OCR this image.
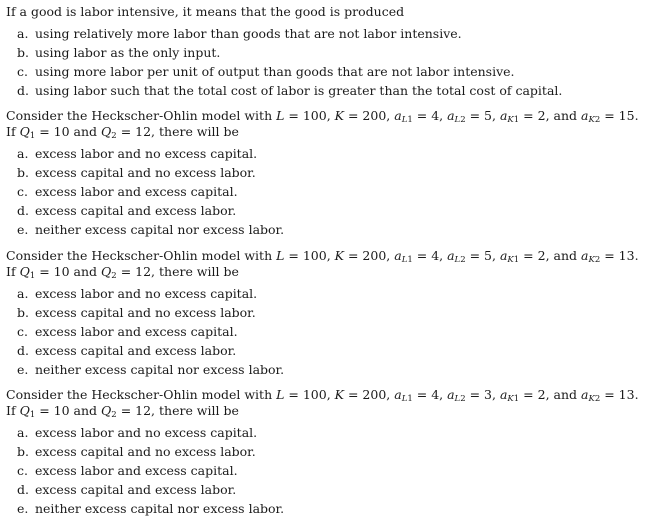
If a good is labor intensive, it means that the good is produced

a. using relatively more labor than goods that are not labor intensive.
b. using labor as the only input.
c. using more labor per unit of output than goods that are not labor intensive.
d. using labor such that the total cost of labor is greater than the total cost of capital.

Consider the Heckscher-Ohlin model with L = 100, K = 200, $a_{L1} = 4$, $a_{L2} = 5$, $a_{K1} = 2$, and $a_{K2} = 15$.

If $Q_1 = 10$ and $Q_2 = 12$, there will be

a. excess labor and no excess capital.
b. excess capital and no excess labor.
c. excess labor and excess capital.
d. excess capital and excess labor.
e. neither excess capital nor excess labor.

Consider the Heckscher-Ohlin model with L = 100, K = 200, $a_{L1} = 4$, $a_{L2} = 5$, $a_{K1} = 2$, and $a_{K2} = 13$.

If $Q_1 = 10$ and $Q_2 = 12$, there will be

a. excess labor and no excess capital.
b. excess capital and no excess labor.
c. excess labor and excess capital.
d. excess capital and excess labor.
e. neither excess capital nor excess labor.

Consider the Heckscher-Ohlin model with L = 100, K = 200, $a_{L1} = 4$, $a_{L2} = 3$, $a_{K1} = 2$, and $a_{K2} = 13$.

If $Q_1 = 10$ and $Q_2 = 12$, there will be

a. excess labor and no excess capital.
b. excess capital and no excess labor.
c. excess labor and excess capital.
d. excess capital and excess labor.
e. neither excess capital nor excess labor.
